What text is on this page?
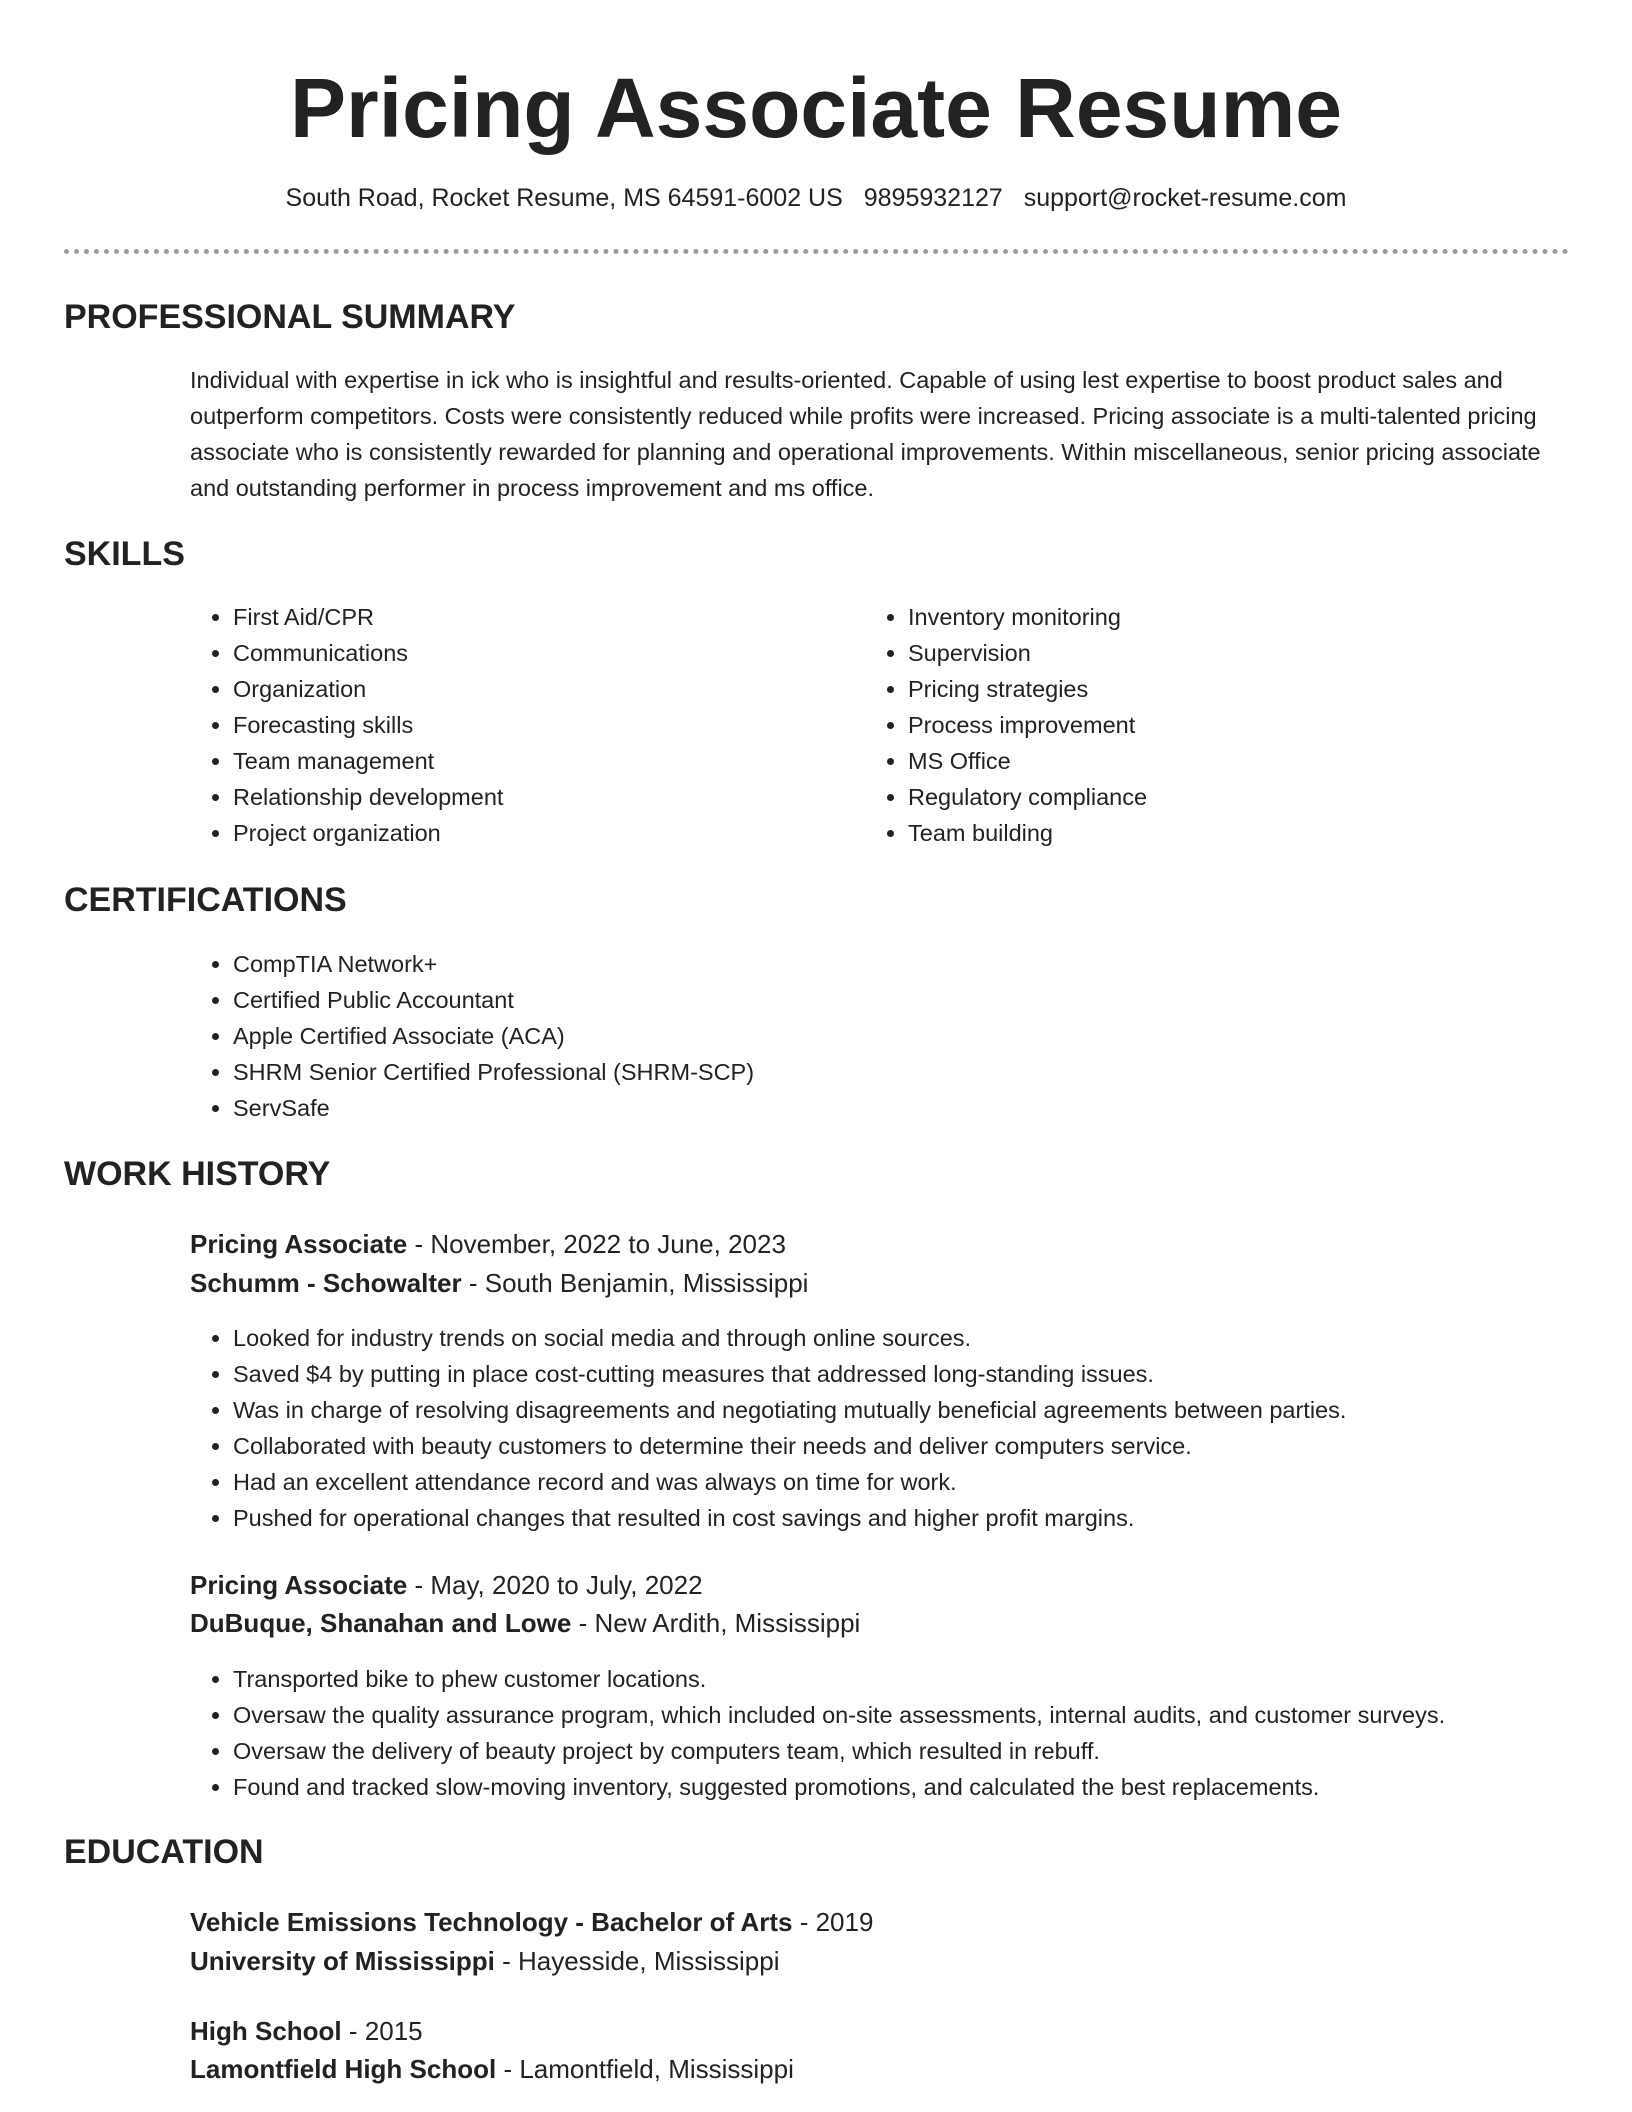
Pricing Associate Resume
South Road, Rocket Resume, MS 64591-6002 US 9895932127 support@rocket-resume.com
PROFESSIONAL SUMMARY

Individual with expertise in ick who is insightful and results-oriented. Capable of using lest expertise to boost product sales and outperform competitors. Costs were consistently reduced while profits were increased. Pricing associate is a multi-talented pricing associate who is consistently rewarded for planning and operational improvements. Within miscellaneous, senior pricing associate and outstanding performer in process improvement and ms office.

SKILLS
• First Aid/CPR
• Communications
• Organization
• Forecasting skills
• Team management
• Relationship development
• Project organization
• Inventory monitoring
• Supervision
• Pricing strategies
• Process improvement
• MS Office
• Regulatory compliance
• Team building
CERTIFICATIONS
• CompTIA Network+
• Certified Public Accountant
• Apple Certified Associate (ACA)
• SHRM Senior Certified Professional (SHRM-SCP)
• ServSafe
WORK HISTORY
Pricing Associate - November, 2022 to June, 2023
Schumm - Schowalter - South Benjamin, Mississippi
• Looked for industry trends on social media and through online sources.
• Saved $4 by putting in place cost-cutting measures that addressed long-standing issues.
• Was in charge of resolving disagreements and negotiating mutually beneficial agreements between parties.
• Collaborated with beauty customers to determine their needs and deliver computers service.
• Had an excellent attendance record and was always on time for work.
• Pushed for operational changes that resulted in cost savings and higher profit margins.
Pricing Associate - May, 2020 to July, 2022
DuBuque, Shanahan and Lowe - New Ardith, Mississippi
• Transported bike to phew customer locations.
• Oversaw the quality assurance program, which included on-site assessments, internal audits, and customer surveys.
• Oversaw the delivery of beauty project by computers team, which resulted in rebuff.
• Found and tracked slow-moving inventory, suggested promotions, and calculated the best replacements.
EDUCATION
Vehicle Emissions Technology - Bachelor of Arts - 2019
University of Mississippi - Hayesside, Mississippi
High School - 2015
Lamontfield High School - Lamontfield, Mississippi
